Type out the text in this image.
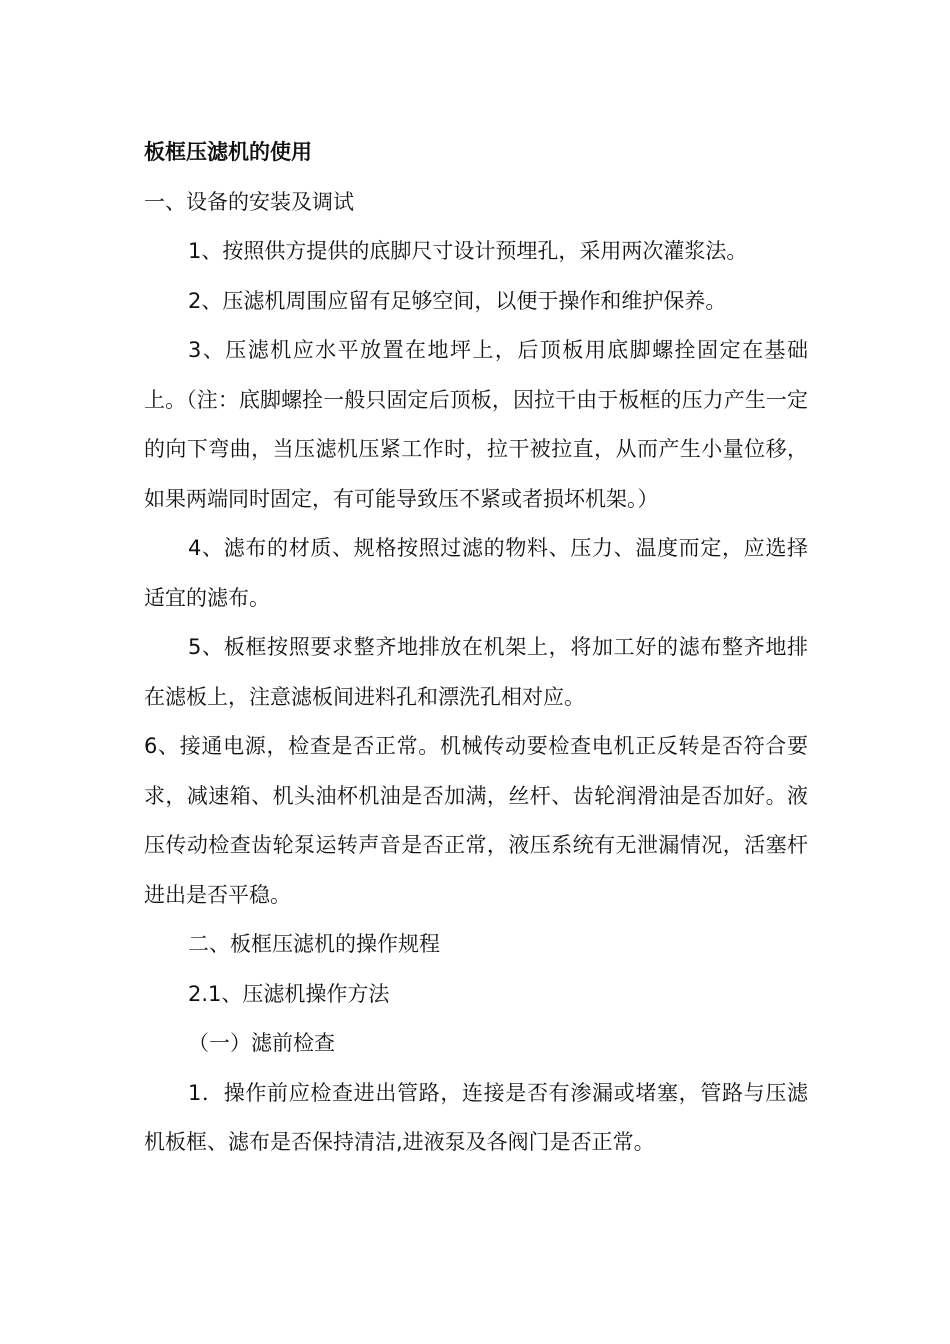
板框压滤机的使用

一、设备的安装及调试

1、按照供方提供的底脚尺寸设计预埋孔，采用两次灌浆法。

2、压滤机周围应留有足够空间，以便于操作和维护保养。

3、压滤机应水平放置在地坪上，后顶板用底脚螺拴固定在基础上。（注：底脚螺拴一般只固定后顶板，因拉干由于板框的压力产生一定的向下弯曲，当压滤机压紧工作时，拉干被拉直，从而产生小量位移，如果两端同时固定，有可能导致压不紧或者损坏机架。）

4、滤布的材质、规格按照过滤的物料、压力、温度而定，应选择适宜的滤布。

5、板框按照要求整齐地排放在机架上，将加工好的滤布整齐地排在滤板上，注意滤板间进料孔和漂洗孔相对应。

6、接通电源，检查是否正常。机械传动要检查电机正反转是否符合要求，减速箱、机头油杯机油是否加满，丝杆、齿轮润滑油是否加好。液压传动检查齿轮泵运转声音是否正常，液压系统有无泄漏情况，活塞杆进出是否平稳。

二、板框压滤机的操作规程

2.1、压滤机操作方法

（一）滤前检查

1．操作前应检查进出管路，连接是否有渗漏或堵塞，管路与压滤机板框、滤布是否保持清洁,进液泵及各阀门是否正常。
